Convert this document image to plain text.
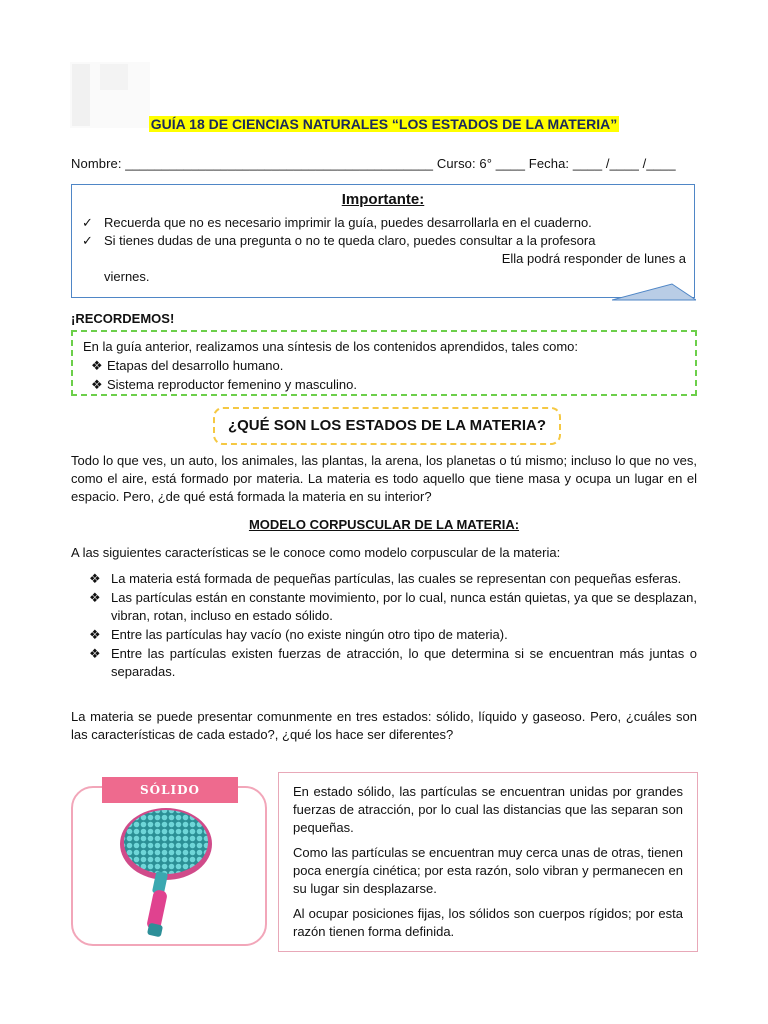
GUÍA 18 DE CIENCIAS NATURALES “LOS ESTADOS DE LA MATERIA”
Nombre: __________________________________________ Curso: 6° ____ Fecha: ____ /____ /____
Importante:
✓ Recuerda que no es necesario imprimir la guía, puedes desarrollarla en el cuaderno.
✓ Si tienes dudas de una pregunta o no te queda claro, puedes consultar a la profesora
Ella podrá responder de lunes a
viernes.
¡RECORDEMOS!
En la guía anterior, realizamos una síntesis de los contenidos aprendidos, tales como:
❖ Etapas del desarrollo humano.
❖ Sistema reproductor femenino y masculino.
¿QUÉ SON LOS ESTADOS DE LA MATERIA?
Todo lo que ves, un auto, los animales, las plantas, la arena, los planetas o tú mismo; incluso lo que no ves, como el aire, está formado por materia. La materia es todo aquello que tiene masa y ocupa un lugar en el espacio. Pero, ¿de qué está formada la materia en su interior?
MODELO CORPUSCULAR DE LA MATERIA:
A las siguientes características se le conoce como modelo corpuscular de la materia:
❖ La materia está formada de pequeñas partículas, las cuales se representan con pequeñas esferas.
❖ Las partículas están en constante movimiento, por lo cual, nunca están quietas, ya que se desplazan, vibran, rotan, incluso en estado sólido.
❖ Entre las partículas hay vacío (no existe ningún otro tipo de materia).
❖ Entre las partículas existen fuerzas de atracción, lo que determina si se encuentran más juntas o separadas.
La materia se puede presentar comunmente en tres estados: sólido, líquido y gaseoso. Pero, ¿cuáles son las características de cada estado?, ¿qué los hace ser diferentes?
SÓLIDO	En estado sólido, las partículas se encuentran unidas por grandes fuerzas de atracción, por lo cual las distancias que las separan son pequeñas.

Como las partículas se encuentran muy cerca unas de otras, tienen poca energía cinética; por esta razón, solo vibran y permanecen en su lugar sin desplazarse.

Al ocupar posiciones fijas, los sólidos son cuerpos rígidos; por esta razón tienen forma definida.
